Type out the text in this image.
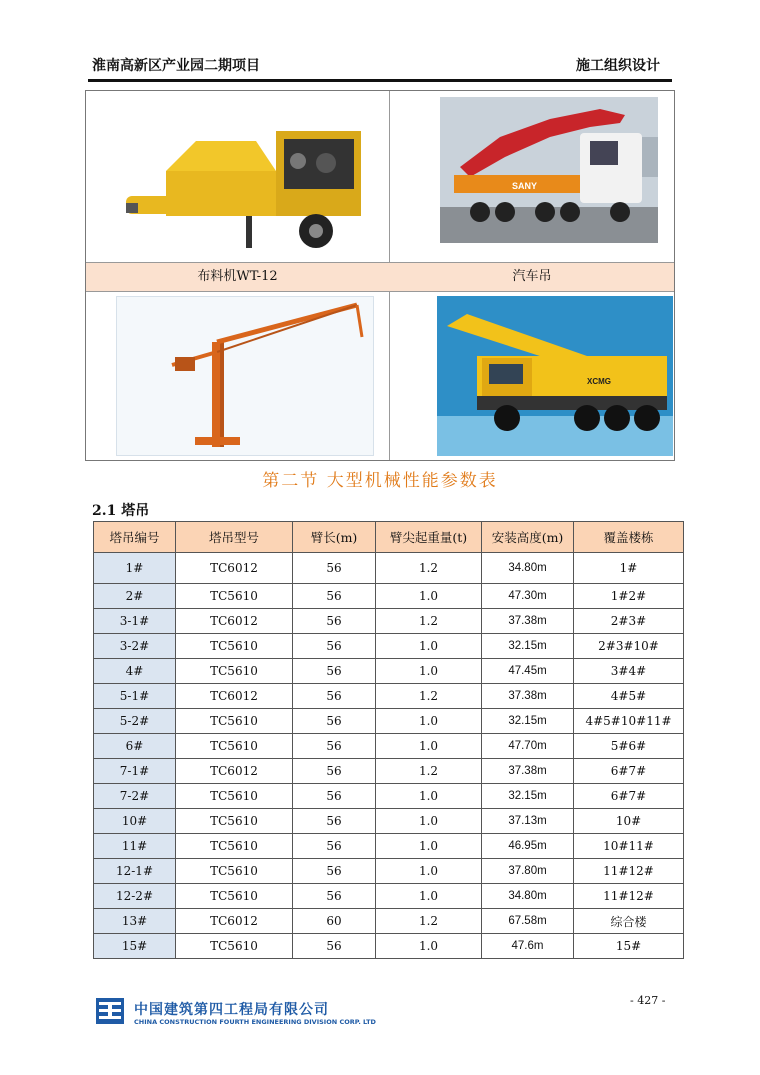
淮南高新区产业园二期项目	施工组织设计
SANY
布料机WT-12	汽车吊
XCMG
第二节 大型机械性能参数表
2.1 塔吊
塔吊编号	塔吊型号	臂长(m)	臂尖起重量(t)	安装高度(m)	覆盖楼栋
1#	TC6012	56	1.2	34.80m	1#
2#	TC5610	56	1.0	47.30m	1#2#
3-1#	TC6012	56	1.2	37.38m	2#3#
3-2#	TC5610	56	1.0	32.15m	2#3#10#
4#	TC5610	56	1.0	47.45m	3#4#
5-1#	TC6012	56	1.2	37.38m	4#5#
5-2#	TC5610	56	1.0	32.15m	4#5#10#11#
6#	TC5610	56	1.0	47.70m	5#6#
7-1#	TC6012	56	1.2	37.38m	6#7#
7-2#	TC5610	56	1.0	32.15m	6#7#
10#	TC5610	56	1.0	37.13m	10#
11#	TC5610	56	1.0	46.95m	10#11#
12-1#	TC5610	56	1.0	37.80m	11#12#
12-2#	TC5610	56	1.0	34.80m	11#12#
13#	TC6012	60	1.2	67.58m	综合楼
15#	TC5610	56	1.0	47.6m	15#
中国建筑第四工程局有限公司
CHINA CONSTRUCTION FOURTH ENGINEERING DIVISION CORP. LTD
- 427 -
